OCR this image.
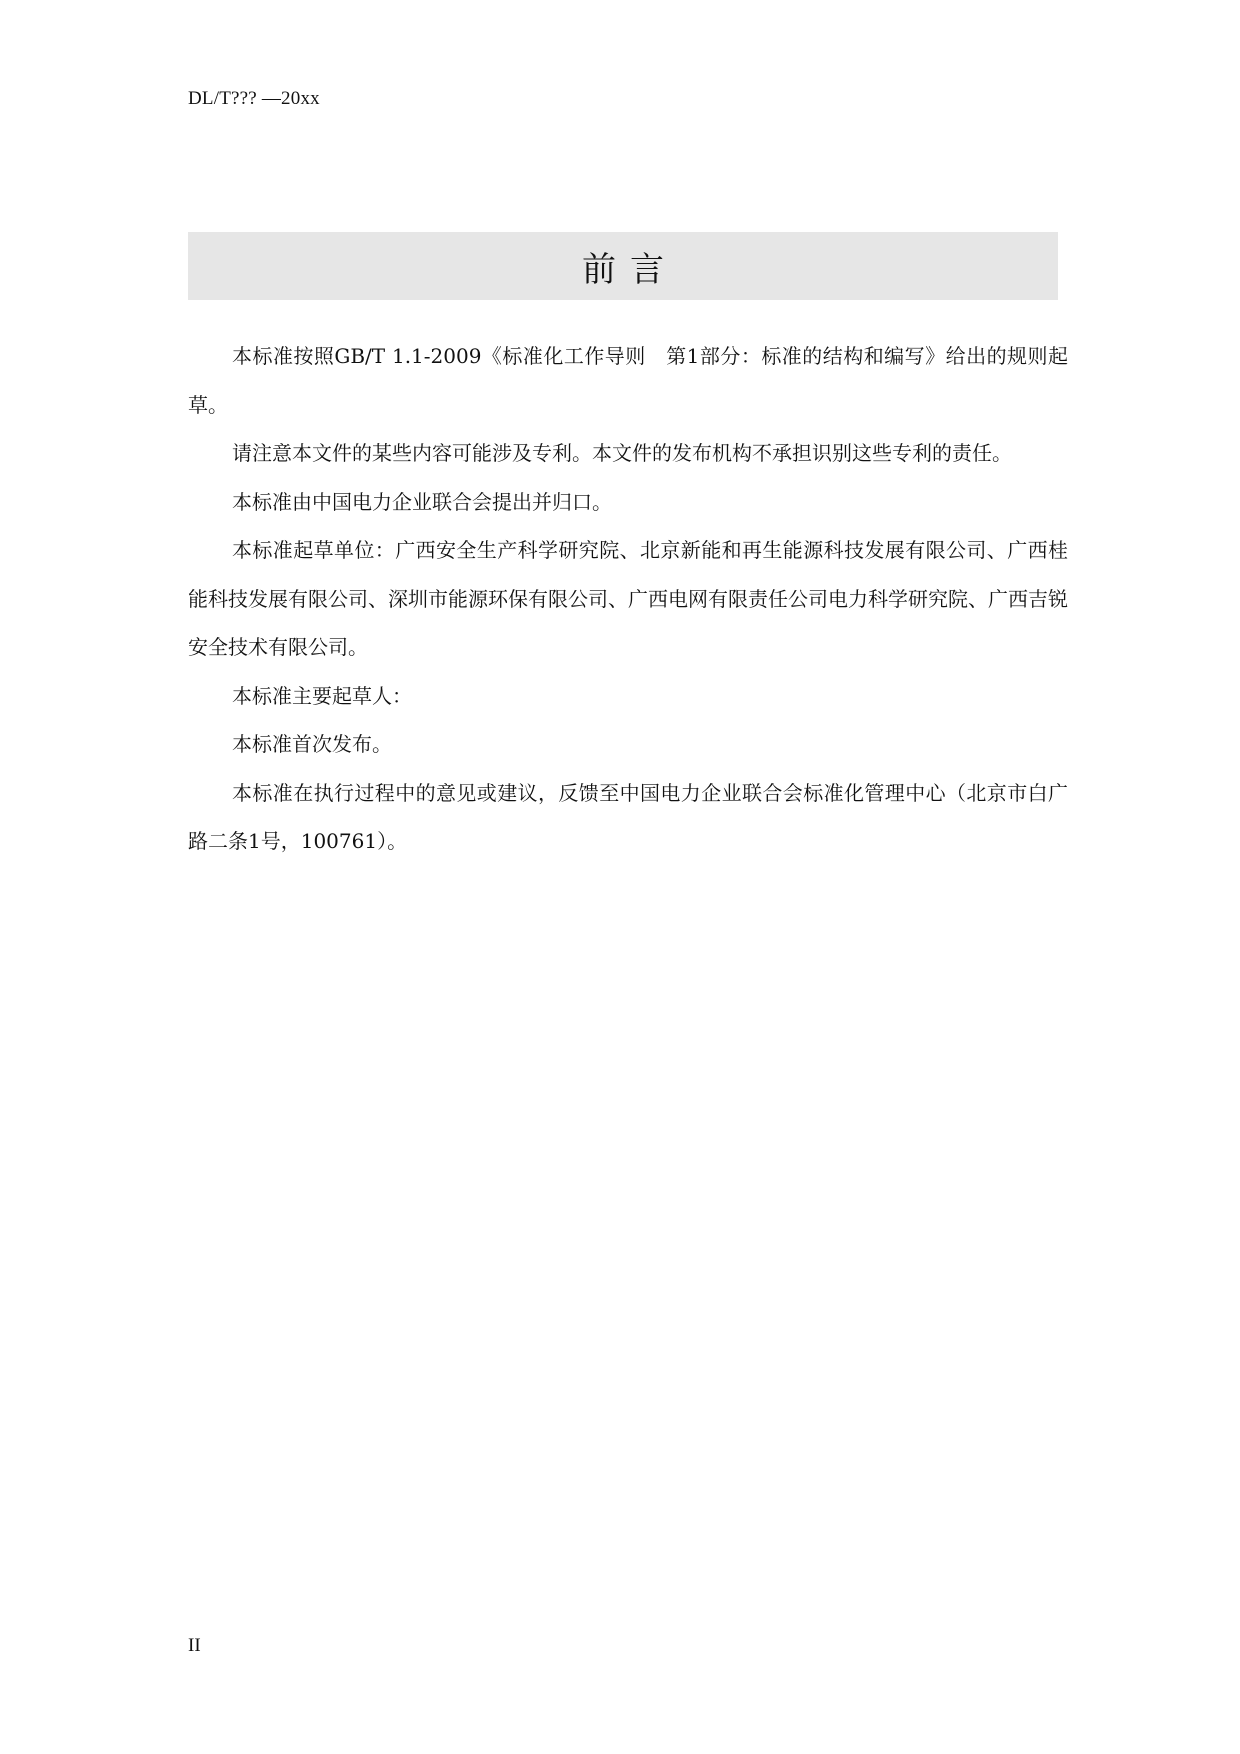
DL/T??? —20xx
前言

本标准按照GB/T 1.1-2009《标准化工作导则　第1部分：标准的结构和编写》给出的规则起草。

请注意本文件的某些内容可能涉及专利。本文件的发布机构不承担识别这些专利的责任。

本标准由中国电力企业联合会提出并归口。

本标准起草单位：广西安全生产科学研究院、北京新能和再生能源科技发展有限公司、广西桂能科技发展有限公司、深圳市能源环保有限公司、广西电网有限责任公司电力科学研究院、广西吉锐安全技术有限公司。

本标准主要起草人：

本标准首次发布。

本标准在执行过程中的意见或建议，反馈至中国电力企业联合会标准化管理中心（北京市白广路二条1号，100761）。

II
